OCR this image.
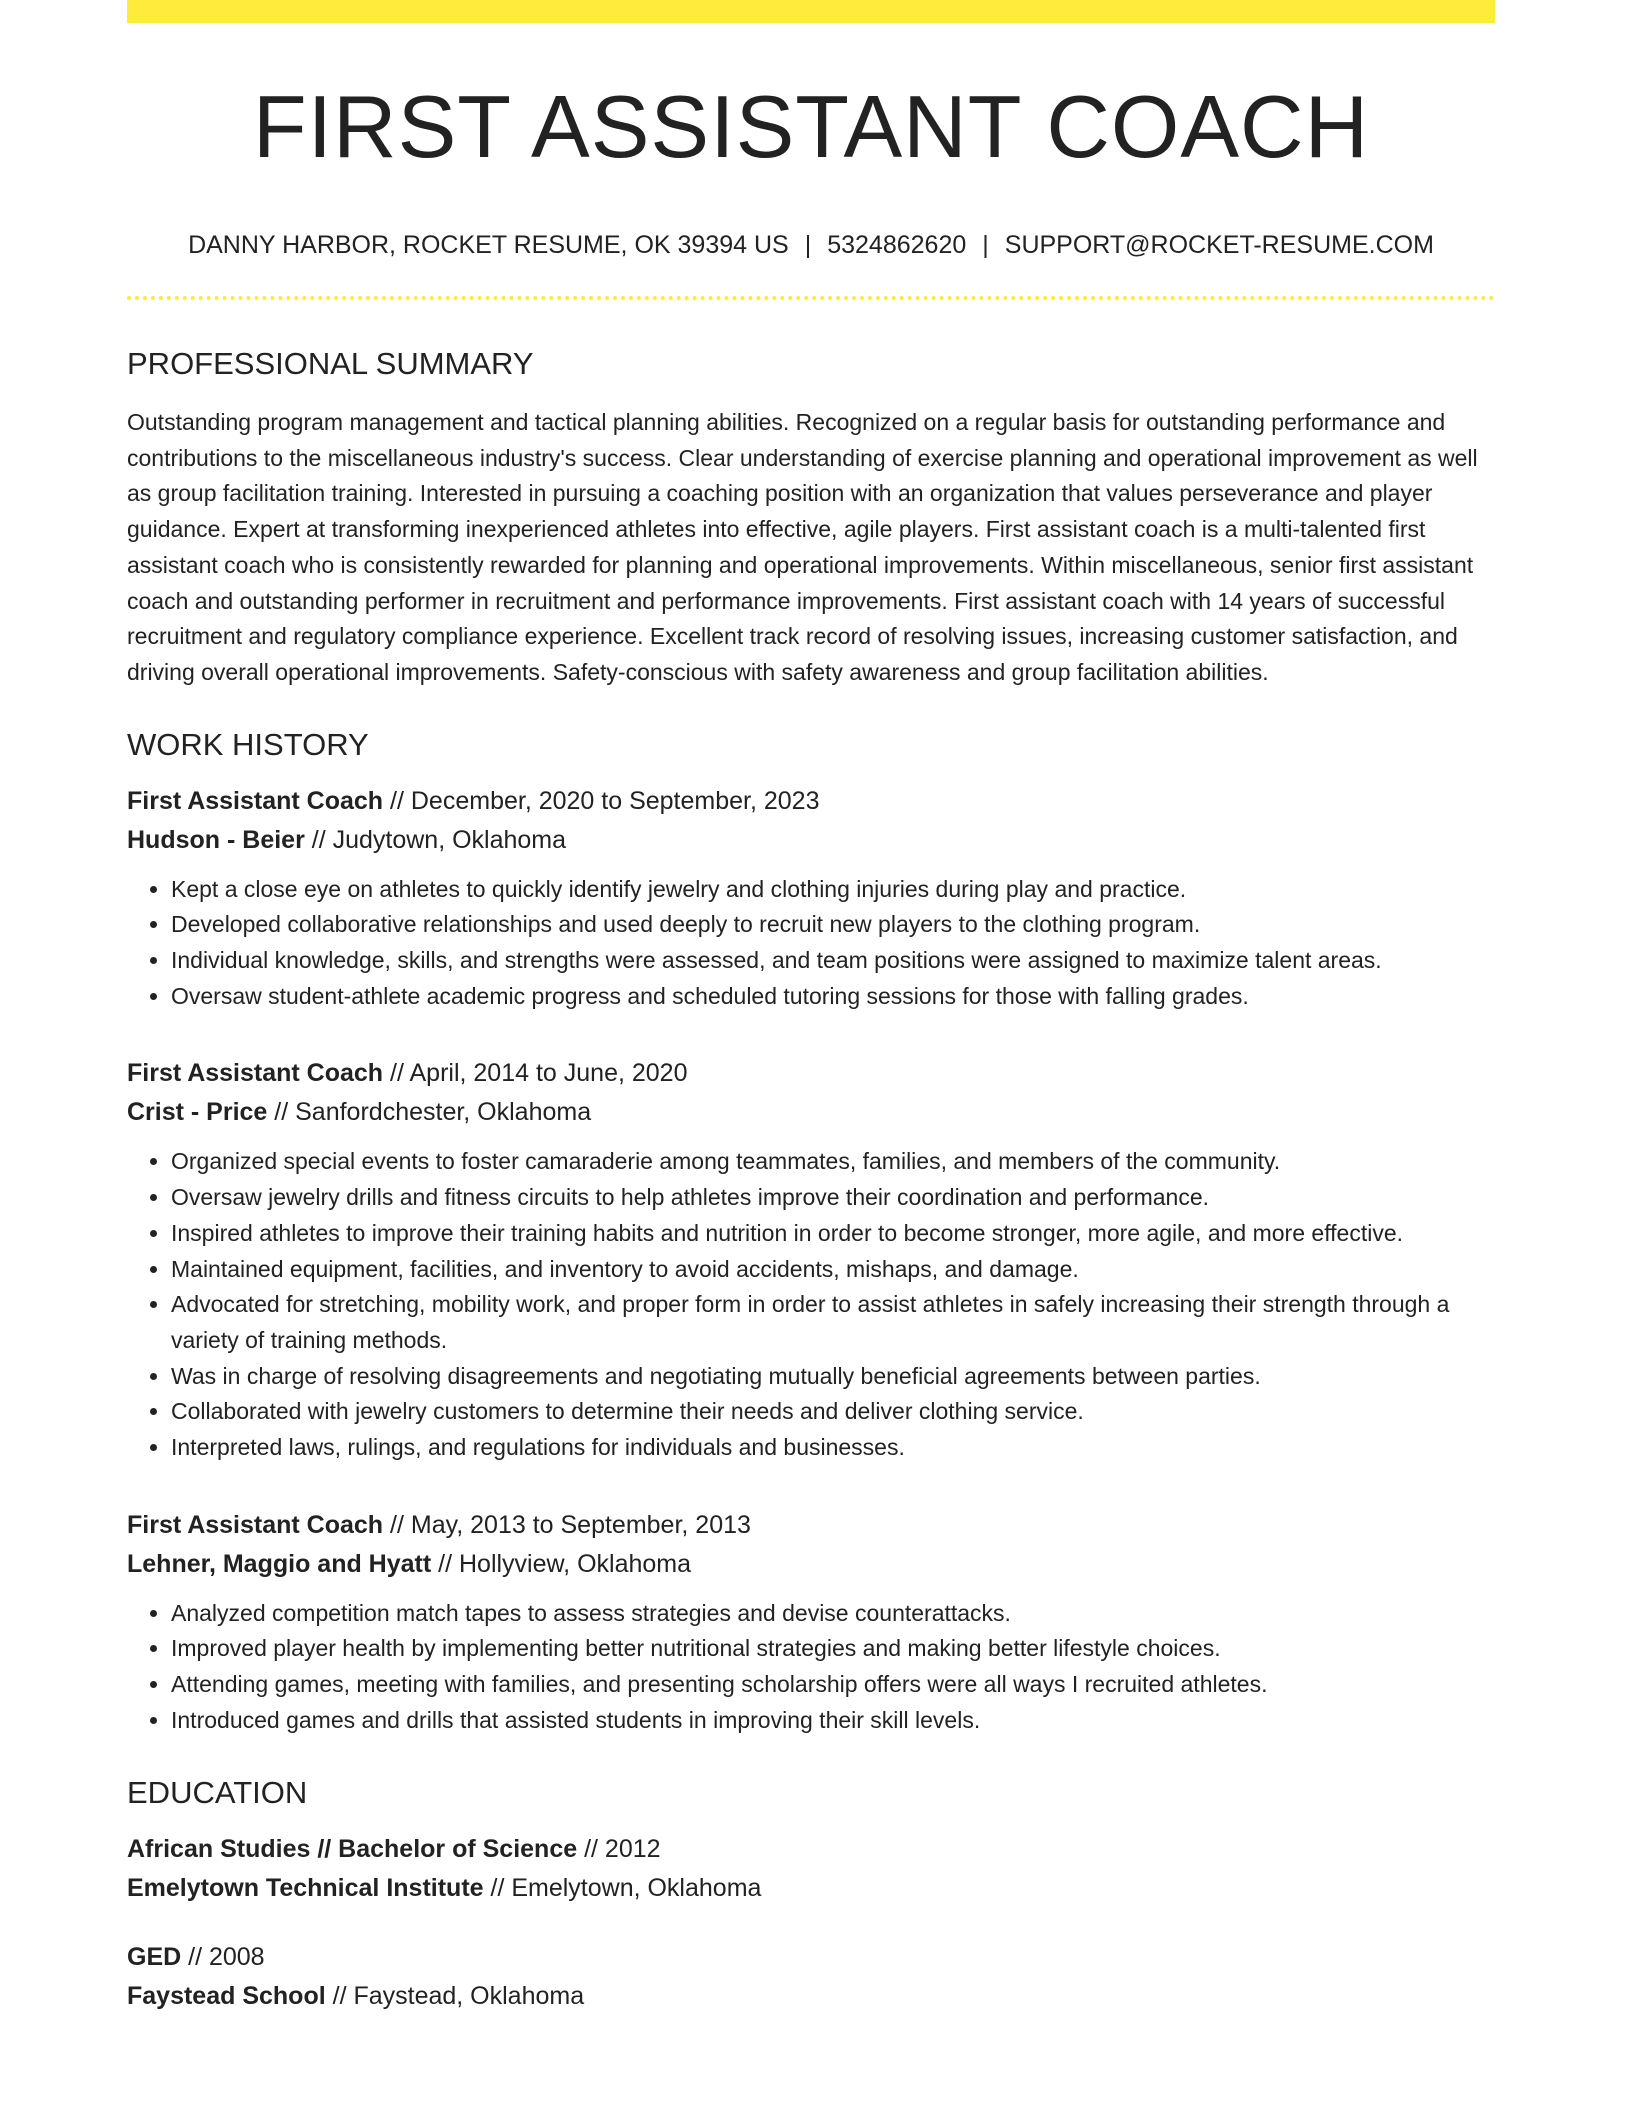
FIRST ASSISTANT COACH
DANNY HARBOR, ROCKET RESUME, OK 39394 US | 5324862620 | SUPPORT@ROCKET-RESUME.COM
PROFESSIONAL SUMMARY

Outstanding program management and tactical planning abilities. Recognized on a regular basis for outstanding performance and contributions to the miscellaneous industry's success. Clear understanding of exercise planning and operational improvement as well as group facilitation training. Interested in pursuing a coaching position with an organization that values perseverance and player guidance. Expert at transforming inexperienced athletes into effective, agile players. First assistant coach is a multi-talented first assistant coach who is consistently rewarded for planning and operational improvements. Within miscellaneous, senior first assistant coach and outstanding performer in recruitment and performance improvements. First assistant coach with 14 years of successful recruitment and regulatory compliance experience. Excellent track record of resolving issues, increasing customer satisfaction, and driving overall operational improvements. Safety-conscious with safety awareness and group facilitation abilities.

WORK HISTORY
First Assistant Coach // December, 2020 to September, 2023
Hudson - Beier // Judytown, Oklahoma
• Kept a close eye on athletes to quickly identify jewelry and clothing injuries during play and practice.
• Developed collaborative relationships and used deeply to recruit new players to the clothing program.
• Individual knowledge, skills, and strengths were assessed, and team positions were assigned to maximize talent areas.
• Oversaw student-athlete academic progress and scheduled tutoring sessions for those with falling grades.
First Assistant Coach // April, 2014 to June, 2020
Crist - Price // Sanfordchester, Oklahoma
• Organized special events to foster camaraderie among teammates, families, and members of the community.
• Oversaw jewelry drills and fitness circuits to help athletes improve their coordination and performance.
• Inspired athletes to improve their training habits and nutrition in order to become stronger, more agile, and more effective.
• Maintained equipment, facilities, and inventory to avoid accidents, mishaps, and damage.
• Advocated for stretching, mobility work, and proper form in order to assist athletes in safely increasing their strength through a variety of training methods.
• Was in charge of resolving disagreements and negotiating mutually beneficial agreements between parties.
• Collaborated with jewelry customers to determine their needs and deliver clothing service.
• Interpreted laws, rulings, and regulations for individuals and businesses.
First Assistant Coach // May, 2013 to September, 2013
Lehner, Maggio and Hyatt // Hollyview, Oklahoma
• Analyzed competition match tapes to assess strategies and devise counterattacks.
• Improved player health by implementing better nutritional strategies and making better lifestyle choices.
• Attending games, meeting with families, and presenting scholarship offers were all ways I recruited athletes.
• Introduced games and drills that assisted students in improving their skill levels.
EDUCATION
African Studies // Bachelor of Science // 2012
Emelytown Technical Institute // Emelytown, Oklahoma
GED // 2008
Faystead School // Faystead, Oklahoma
